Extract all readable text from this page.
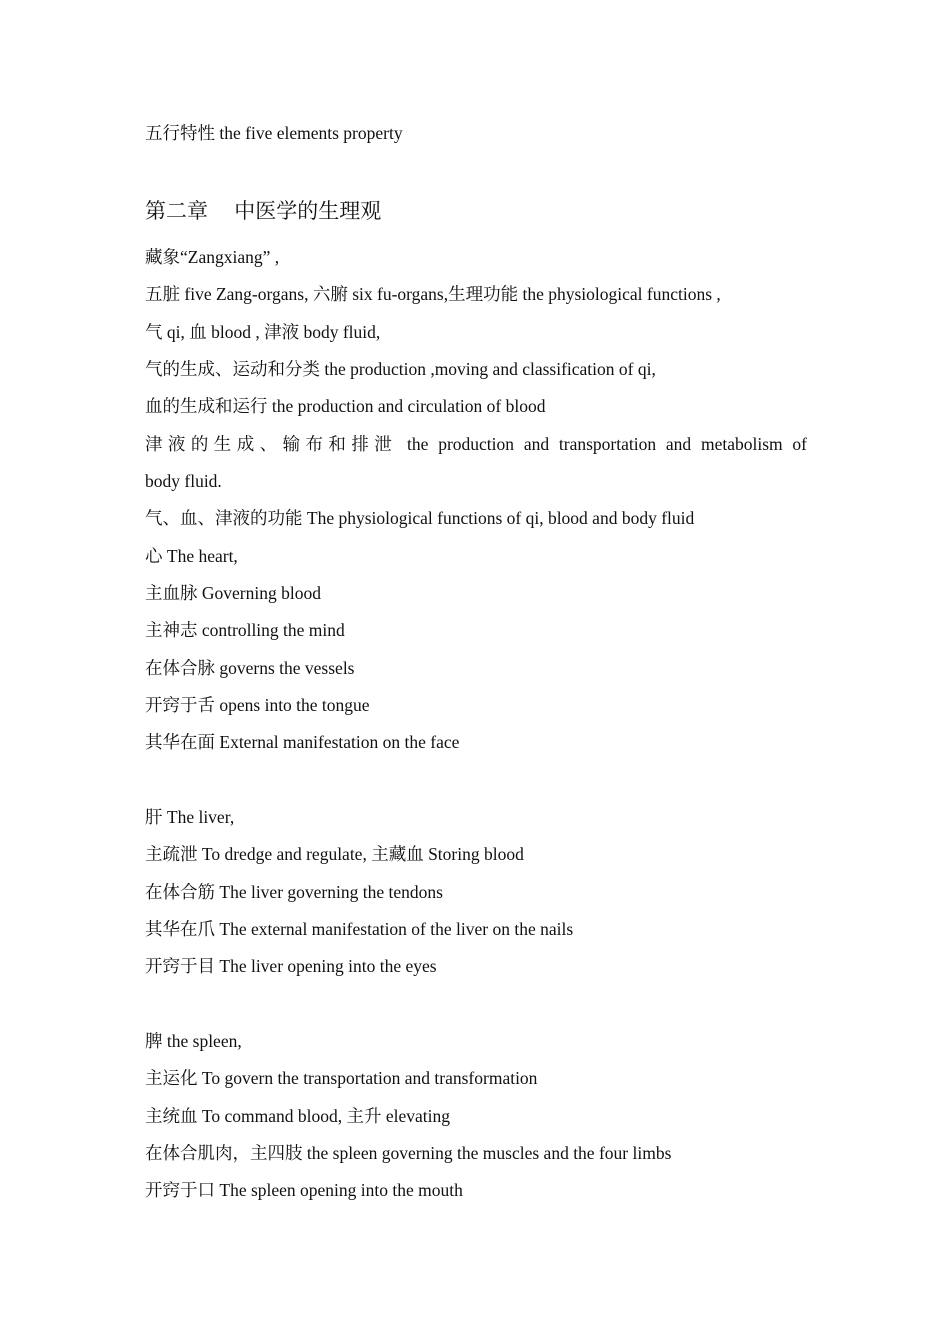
五行特性 the five elements property

第二章　 中医学的生理观

藏象“Zangxiang” ,

五脏 five Zang-organs, 六腑 six fu-organs,生理功能 the physiological functions ,

气 qi, 血 blood , 津液 body fluid,

气的生成、运动和分类 the production ,moving and classification of qi,

血的生成和运行 the production and circulation of blood

津液的生成、输布和排泄 the production and transportation and metabolism of

body fluid.

气、血、津液的功能 The physiological functions of qi, blood and body fluid

心 The heart,

主血脉 Governing blood

主神志 controlling the mind

在体合脉 governs the vessels

开窍于舌 opens into the tongue

其华在面 External manifestation on the face

肝 The liver,

主疏泄 To dredge and regulate, 主藏血 Storing blood

在体合筋 The liver governing the tendons

其华在爪 The external manifestation of the liver on the nails

开窍于目 The liver opening into the eyes

脾 the spleen,

主运化 To govern the transportation and transformation

主统血 To command blood, 主升 elevating

在体合肌肉，主四肢 the spleen governing the muscles and the four limbs

开窍于口 The spleen opening into the mouth
